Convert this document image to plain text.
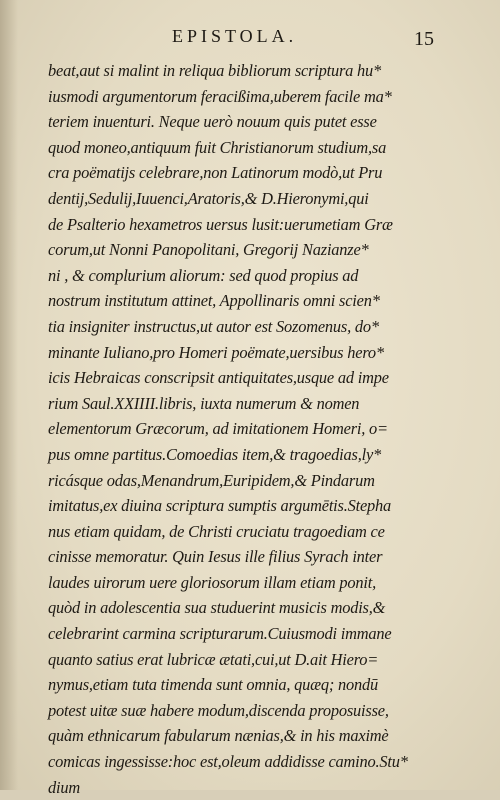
EPISTOLA.	15
beat,aut si malint in reliqua bibliorum scriptura hu*
iusmodi argumentorum feracißima,uberem facile ma*
teriem inuenturi. Neque uerò nouum quis putet esse
quod moneo,antiquum fuit Christianorum studium,sa
cra poëmatijs celebrare,non Latinorum modò,ut Pru
dentij,Sedulij,Iuuenci,Aratoris,& D.Hieronymi,qui
de Psalterio hexametros uersus lusit:uerumetiam Græ
corum,ut Nonni Panopolitani, Gregorij Nazianze*
ni , & complurium aliorum: sed quod propius ad
nostrum institutum attinet, Appollinaris omni scien*
tia insigniter instructus,ut autor est Sozomenus, do*
minante Iuliano,pro Homeri poëmate,uersibus hero*
icis Hebraicas conscripsit antiquitates,usque ad impe
rium Saul.XXIIII.libris, iuxta numerum & nomen
elementorum Græcorum, ad imitationem Homeri, o=
pus omne partitus.Comoedias item,& tragoedias,ly*
ricásque odas,Menandrum,Euripidem,& Pindarum
imitatus,ex diuina scriptura sumptis argumētis.Stepha
nus etiam quidam, de Christi cruciatu tragoediam ce
cinisse memoratur. Quin Iesus ille filius Syrach inter
laudes uirorum uere gloriosorum illam etiam ponit,
quòd in adolescentia sua studuerint musicis modis,&
celebrarint carmina scripturarum.Cuiusmodi immane
quanto satius erat lubricæ ætati,cui,ut D.ait Hiero=
nymus,etiam tuta timenda sunt omnia, quæq; nondū
potest uitæ suæ habere modum,discenda proposuisse,
quàm ethnicarum fabularum nænias,& in his maximè
comicas ingessisse:hoc est,oleum addidisse camino.Stu*
dium
